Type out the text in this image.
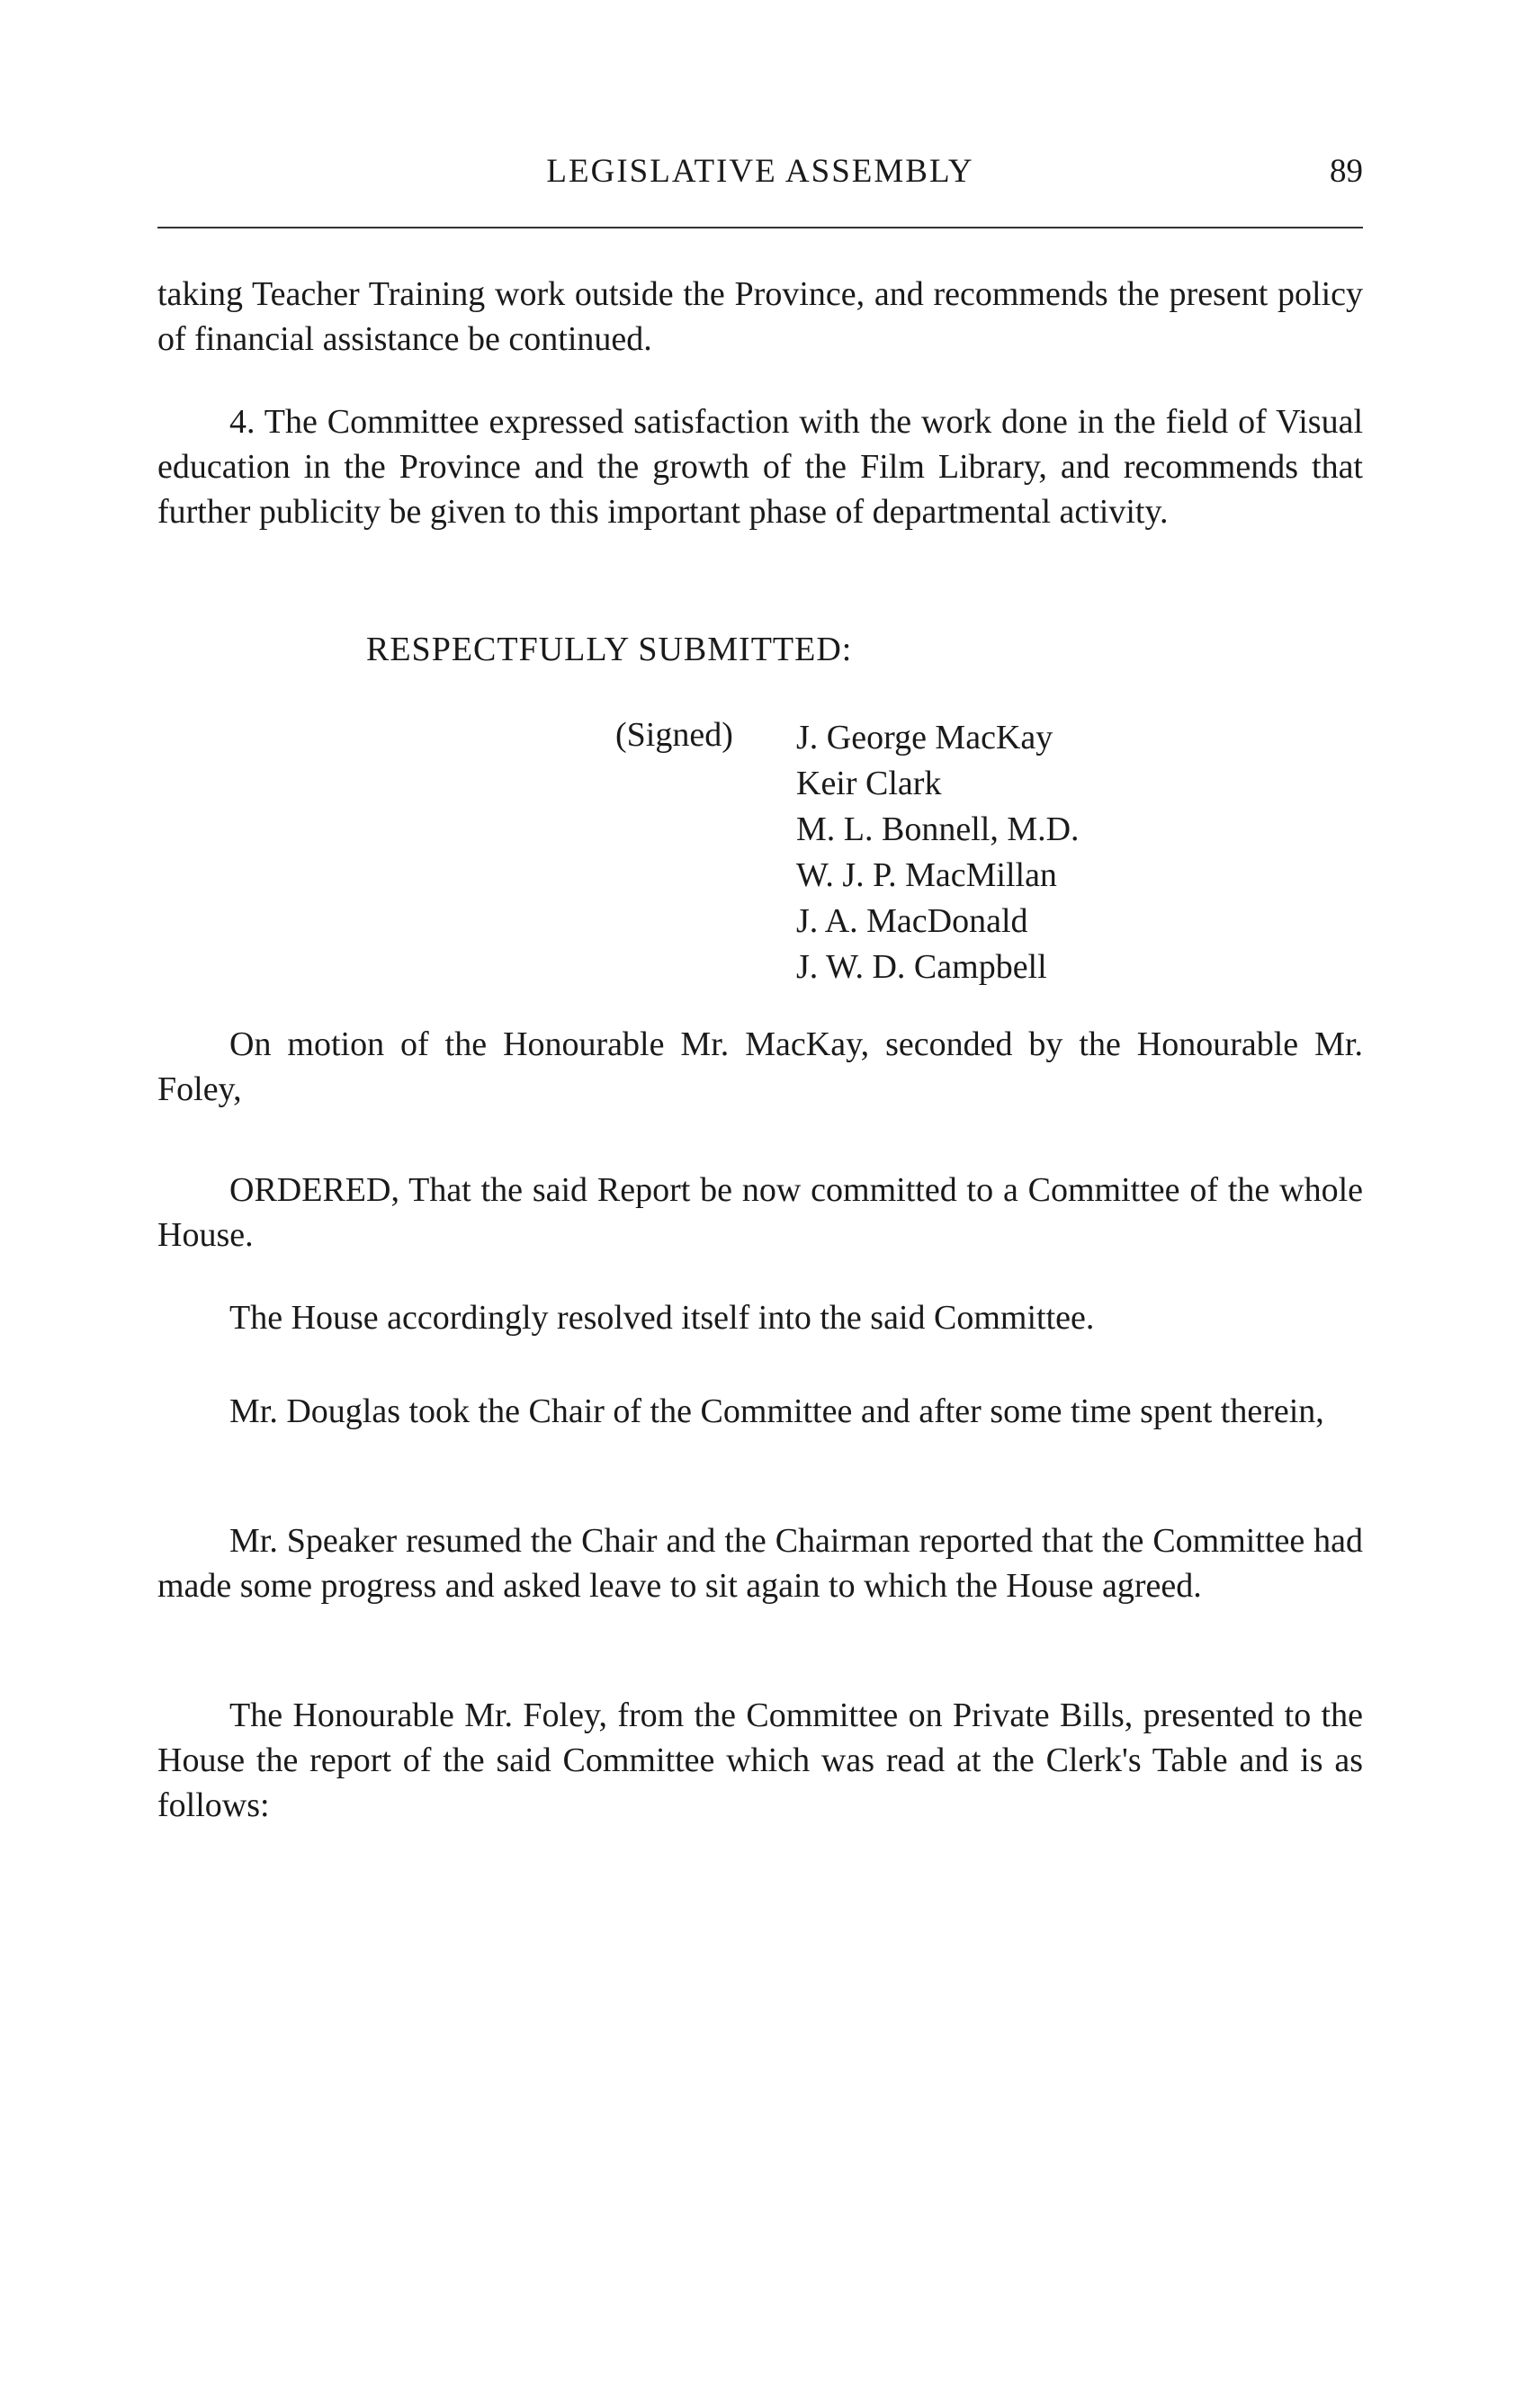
LEGISLATIVE ASSEMBLY	89

taking Teacher Training work outside the Province, and recommends the present policy of financial assistance be continued.

4. The Committee expressed satisfaction with the work done in the field of Visual education in the Province and the growth of the Film Library, and recommends that further publicity be given to this important phase of departmental activity.

RESPECTFULLY SUBMITTED:
(Signed) J. George MacKay
Keir Clark
M. L. Bonnell, M.D.
W. J. P. MacMillan
J. A. MacDonald
J. W. D. Campbell

On motion of the Honourable Mr. MacKay, seconded by the Honourable Mr. Foley,

ORDERED, That the said Report be now committed to a Committee of the whole House.

The House accordingly resolved itself into the said Committee.

Mr. Douglas took the Chair of the Committee and after some time spent therein,

Mr. Speaker resumed the Chair and the Chairman reported that the Committee had made some progress and asked leave to sit again to which the House agreed.

The Honourable Mr. Foley, from the Committee on Private Bills, presented to the House the report of the said Committee which was read at the Clerk's Table and is as follows:
